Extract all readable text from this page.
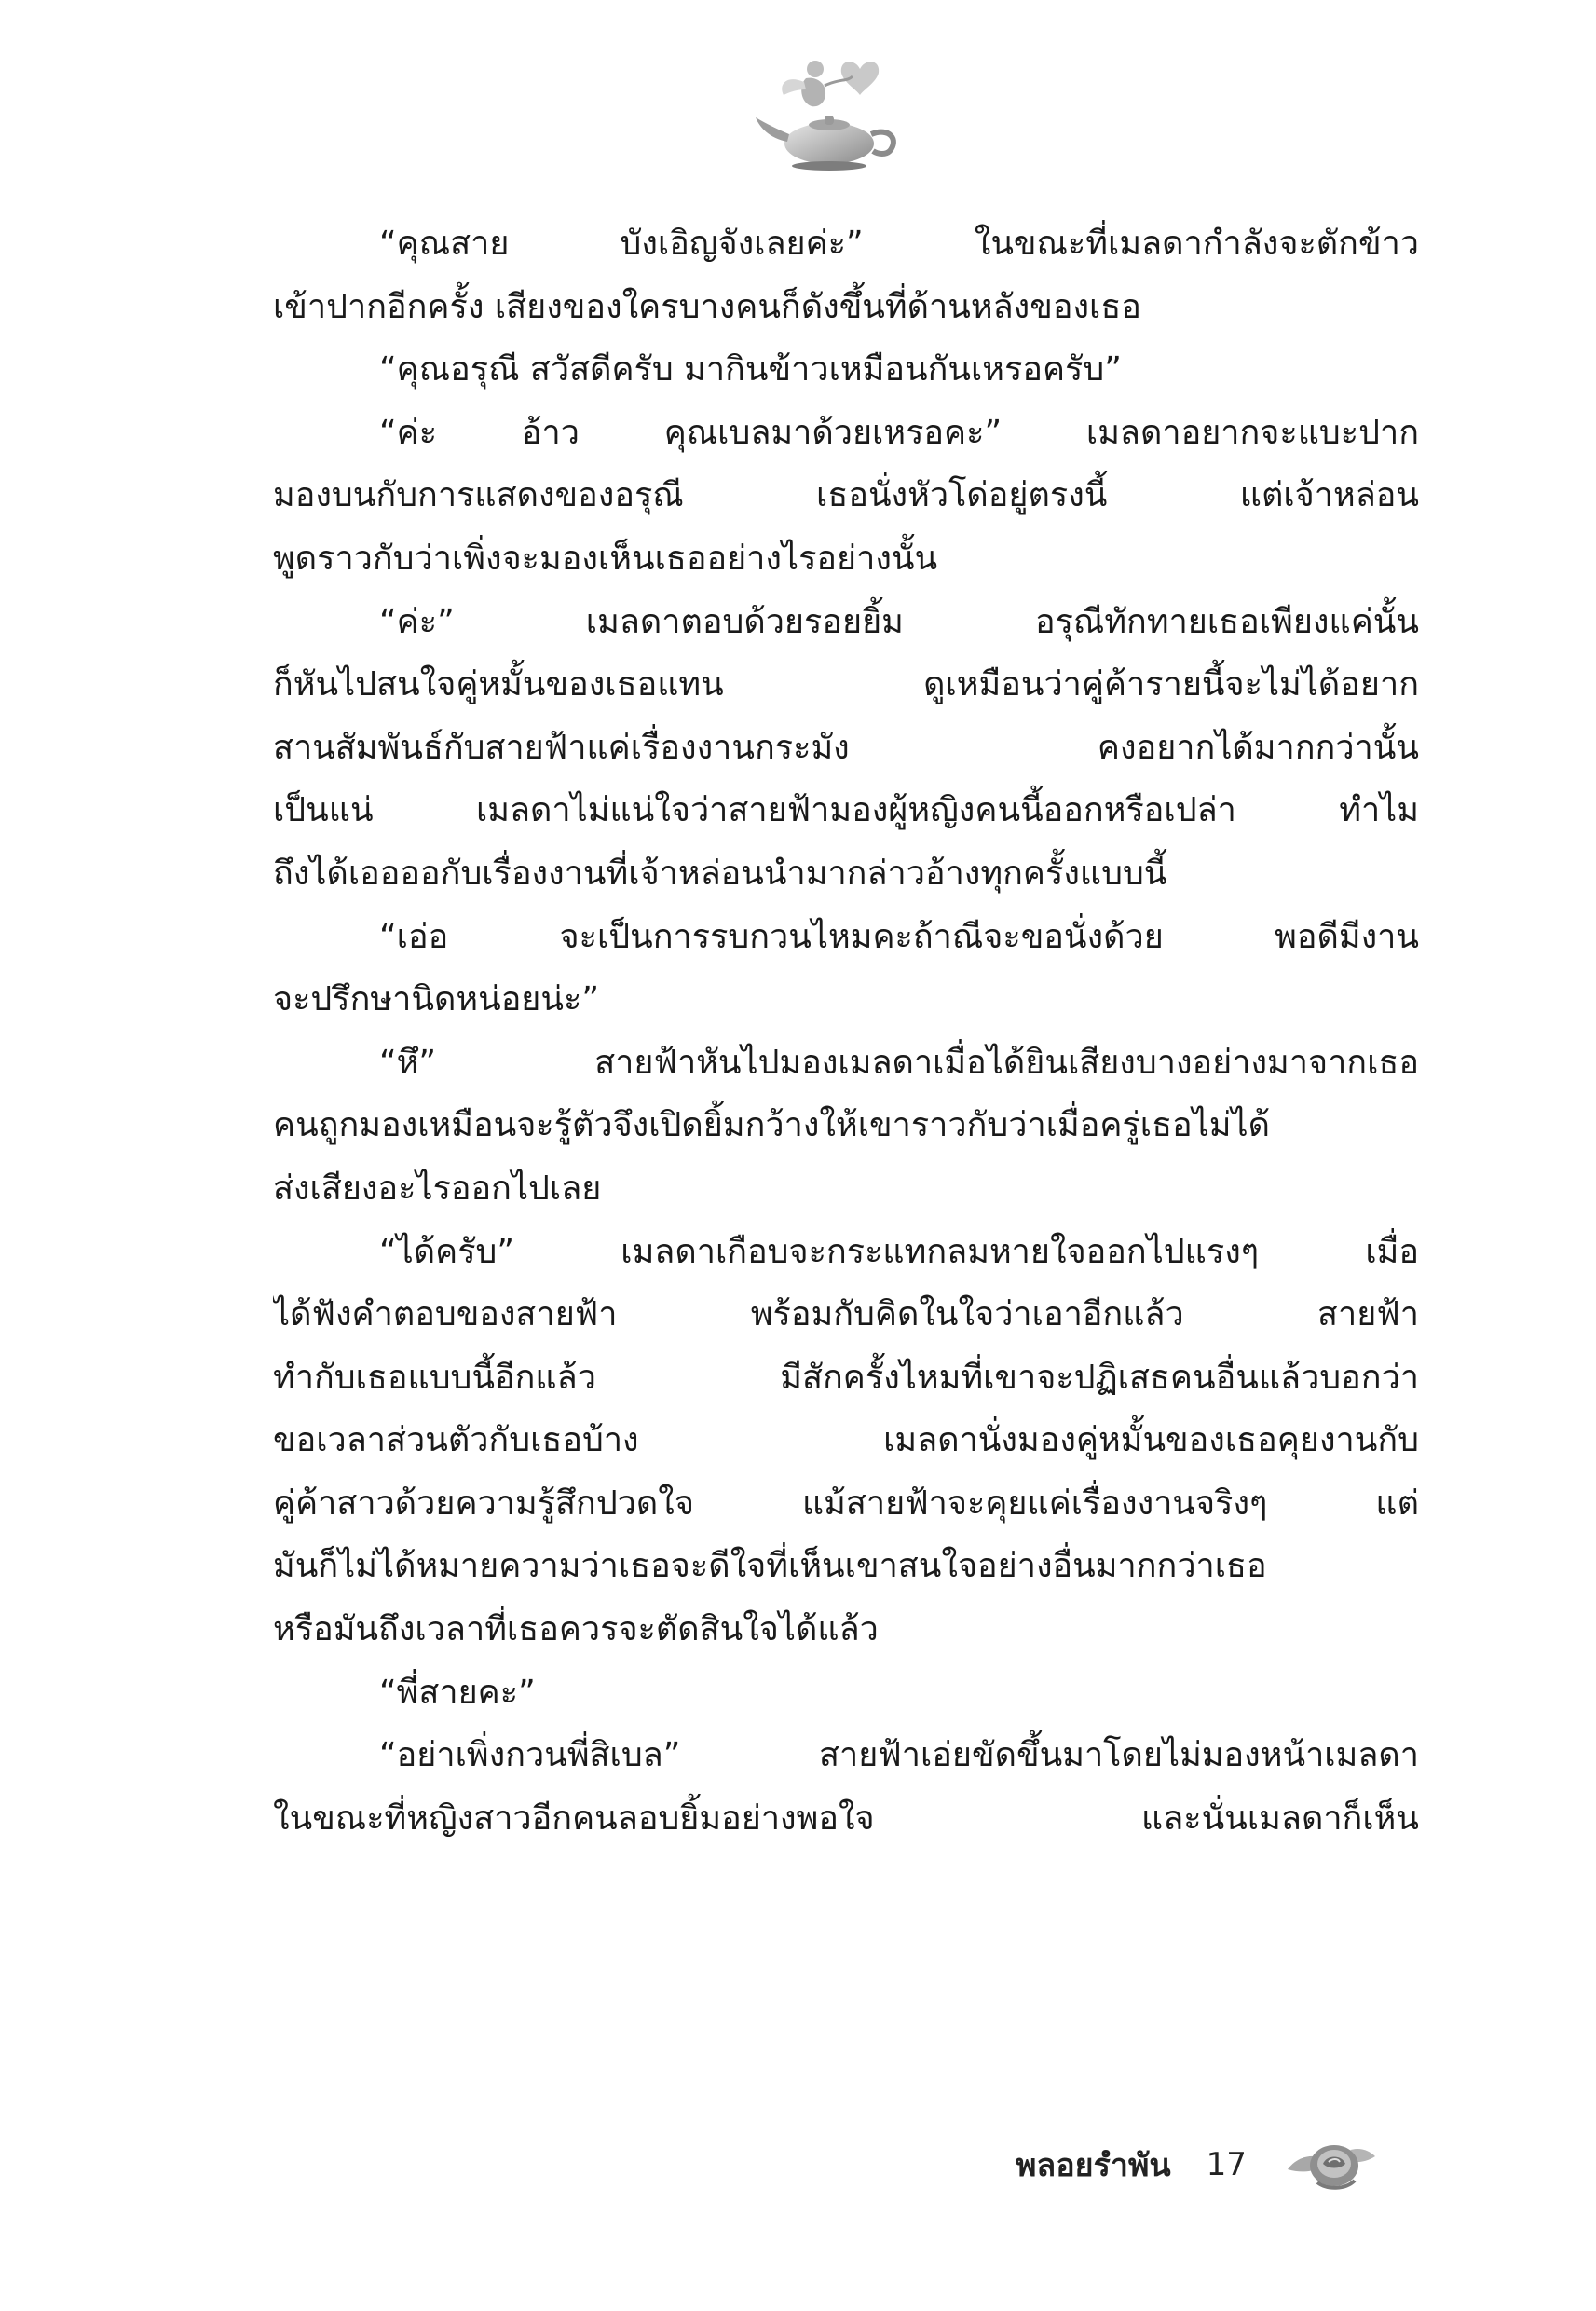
“คุณสาย บังเอิญจังเลยค่ะ” ในขณะที่เมลดากำลังจะตักข้าว
เข้าปากอีกครั้ง เสียงของใครบางคนก็ดังขึ้นที่ด้านหลังของเธอ
“คุณอรุณี สวัสดีครับ มากินข้าวเหมือนกันเหรอครับ”
“ค่ะ อ้าว คุณเบลมาด้วยเหรอคะ” เมลดาอยากจะแบะปาก
มองบนกับการแสดงของอรุณี เธอนั่งหัวโด่อยู่ตรงนี้ แต่เจ้าหล่อน
พูดราวกับว่าเพิ่งจะมองเห็นเธออย่างไรอย่างนั้น
“ค่ะ” เมลดาตอบด้วยรอยยิ้ม อรุณีทักทายเธอเพียงแค่นั้น
ก็หันไปสนใจคู่หมั้นของเธอแทน ดูเหมือนว่าคู่ค้ารายนี้จะไม่ได้อยาก
สานสัมพันธ์กับสายฟ้าแค่เรื่องงานกระมัง คงอยากได้มากกว่านั้น
เป็นแน่ เมลดาไม่แน่ใจว่าสายฟ้ามองผู้หญิงคนนี้ออกหรือเปล่า ทำไม
ถึงได้เออออกับเรื่องงานที่เจ้าหล่อนนำมากล่าวอ้างทุกครั้งแบบนี้
“เอ่อ จะเป็นการรบกวนไหมคะถ้าณีจะขอนั่งด้วย พอดีมีงาน
จะปรึกษานิดหน่อยน่ะ”
“หึ” สายฟ้าหันไปมองเมลดาเมื่อได้ยินเสียงบางอย่างมาจากเธอ
คนถูกมองเหมือนจะรู้ตัวจึงเปิดยิ้มกว้างให้เขาราวกับว่าเมื่อครู่เธอไม่ได้
ส่งเสียงอะไรออกไปเลย
“ได้ครับ” เมลดาเกือบจะกระแทกลมหายใจออกไปแรงๆ เมื่อ
ได้ฟังคำตอบของสายฟ้า พร้อมกับคิดในใจว่าเอาอีกแล้ว สายฟ้า
ทำกับเธอแบบนี้อีกแล้ว มีสักครั้งไหมที่เขาจะปฏิเสธคนอื่นแล้วบอกว่า
ขอเวลาส่วนตัวกับเธอบ้าง เมลดานั่งมองคู่หมั้นของเธอคุยงานกับ
คู่ค้าสาวด้วยความรู้สึกปวดใจ แม้สายฟ้าจะคุยแค่เรื่องงานจริงๆ แต่
มันก็ไม่ได้หมายความว่าเธอจะดีใจที่เห็นเขาสนใจอย่างอื่นมากกว่าเธอ
หรือมันถึงเวลาที่เธอควรจะตัดสินใจได้แล้ว
“พี่สายคะ”
“อย่าเพิ่งกวนพี่สิเบล” สายฟ้าเอ่ยขัดขึ้นมาโดยไม่มองหน้าเมลดา
ในขณะที่หญิงสาวอีกคนลอบยิ้มอย่างพอใจ และนั่นเมลดาก็เห็น
พลอยรำพัน 17
